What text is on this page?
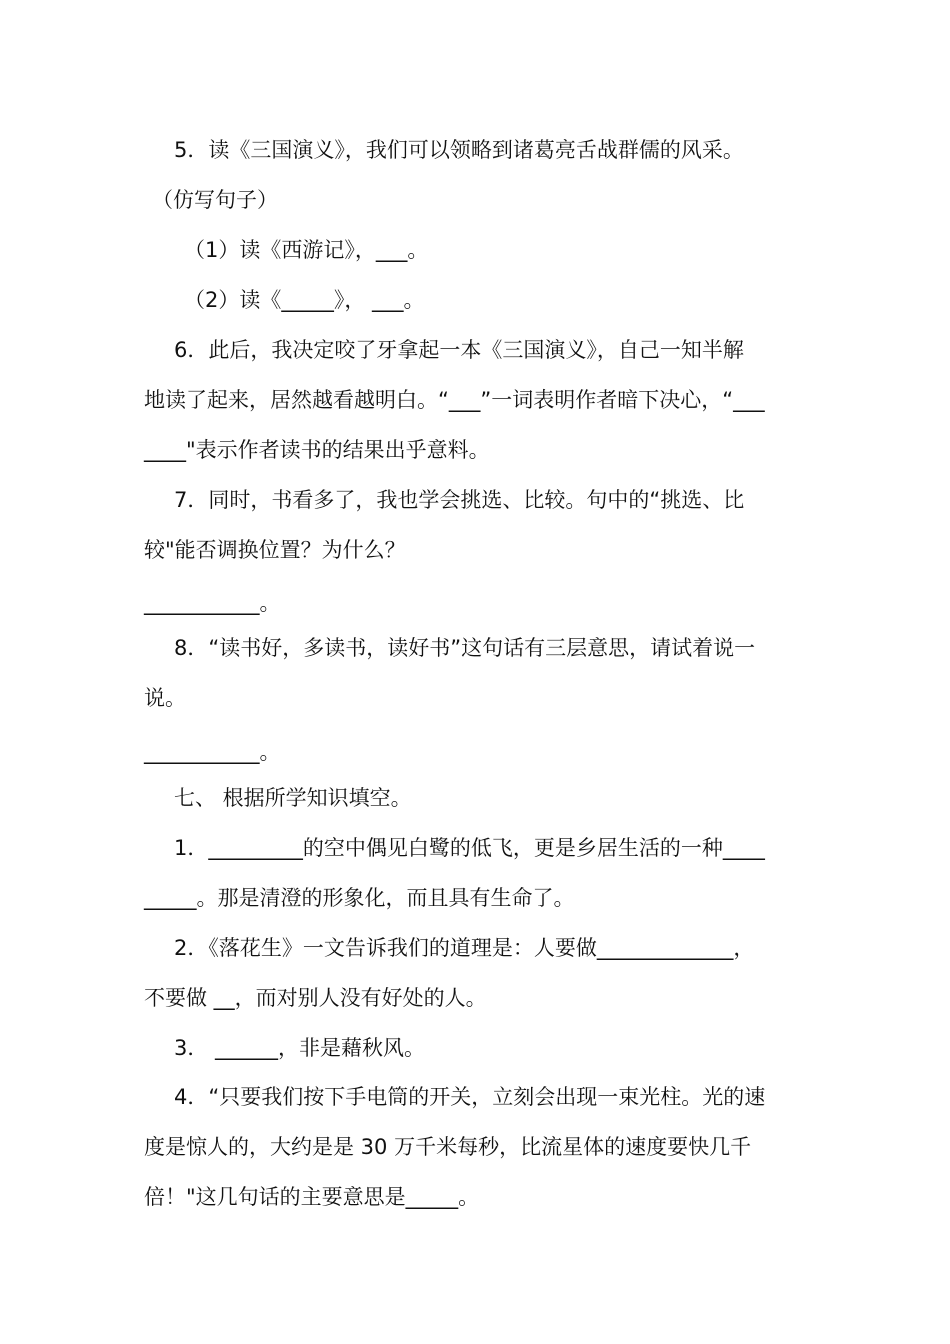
5．读《三国演义》，我们可以领略到诸葛亮舌战群儒的风采。
（仿写句子）
（1）读《西游记》，___。
（2）读《_____》， ___。
6．此后，我决定咬了牙拿起一本《三国演义》，自己一知半解
地读了起来，居然越看越明白。“___”一词表明作者暗下决心，“___
____"表示作者读书的结果出乎意料。
7．同时，书看多了，我也学会挑选、比较。句中的“挑选、比
较"能否调换位置？为什么？
___________。
8．“读书好，多读书，读好书”这句话有三层意思，请试着说一
说。
___________。
七、 根据所学知识填空。
1．_________的空中偶见白鹭的低飞，更是乡居生活的一种____
_____。那是清澄的形象化，而且具有生命了。
2．《落花生》一文告诉我们的道理是：人要做_____________，
不要做 __，而对别人没有好处的人。
3． ______，非是藉秋风。
4．“只要我们按下手电筒的开关，立刻会出现一束光柱。光的速
度是惊人的，大约是是 30 万千米每秒，比流星体的速度要快几千
倍！"这几句话的主要意思是_____。
